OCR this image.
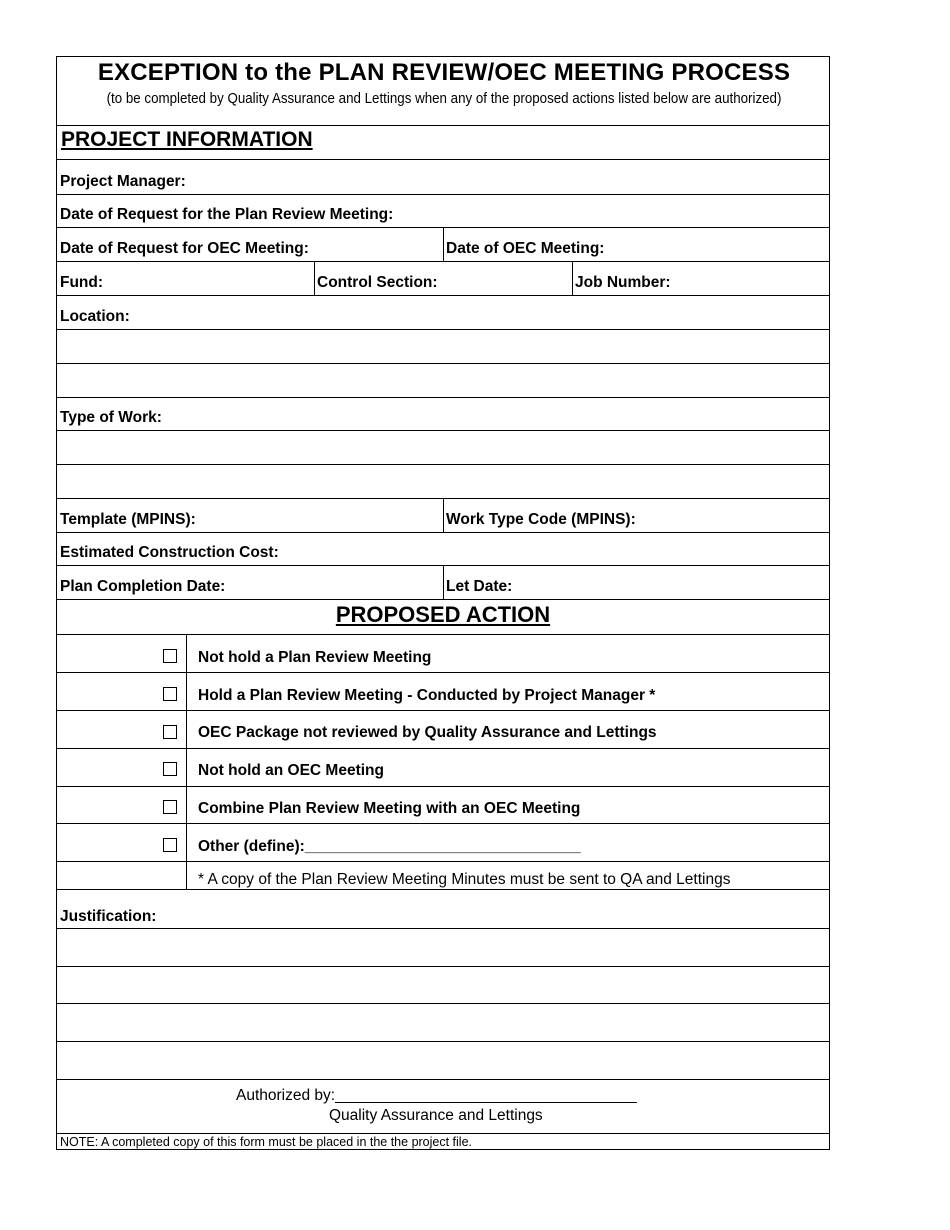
EXCEPTION to the PLAN REVIEW/OEC MEETING PROCESS
(to be completed by Quality Assurance and Lettings when any of the proposed actions listed below are authorized)
PROJECT INFORMATION
Project Manager:
Date of Request for the Plan Review Meeting:
Date of Request for OEC Meeting:	Date of OEC Meeting:
Fund:	Control Section:	Job Number:
Location:
Type of Work:
Template (MPINS):	Work Type Code (MPINS):
Estimated Construction Cost:
Plan Completion Date:	Let Date:
PROPOSED ACTION
Not hold a Plan Review Meeting
Hold a Plan Review Meeting - Conducted by Project Manager *
OEC Package not reviewed by Quality Assurance and Lettings
Not hold an OEC Meeting
Combine Plan Review Meeting with an OEC Meeting
Other (define):________________________________
* A copy of the Plan Review Meeting Minutes must be sent to QA and Lettings
Justification:
Authorized by:___________________________________
Quality Assurance and Lettings
NOTE: A completed copy of this form must be placed in the the project file.
